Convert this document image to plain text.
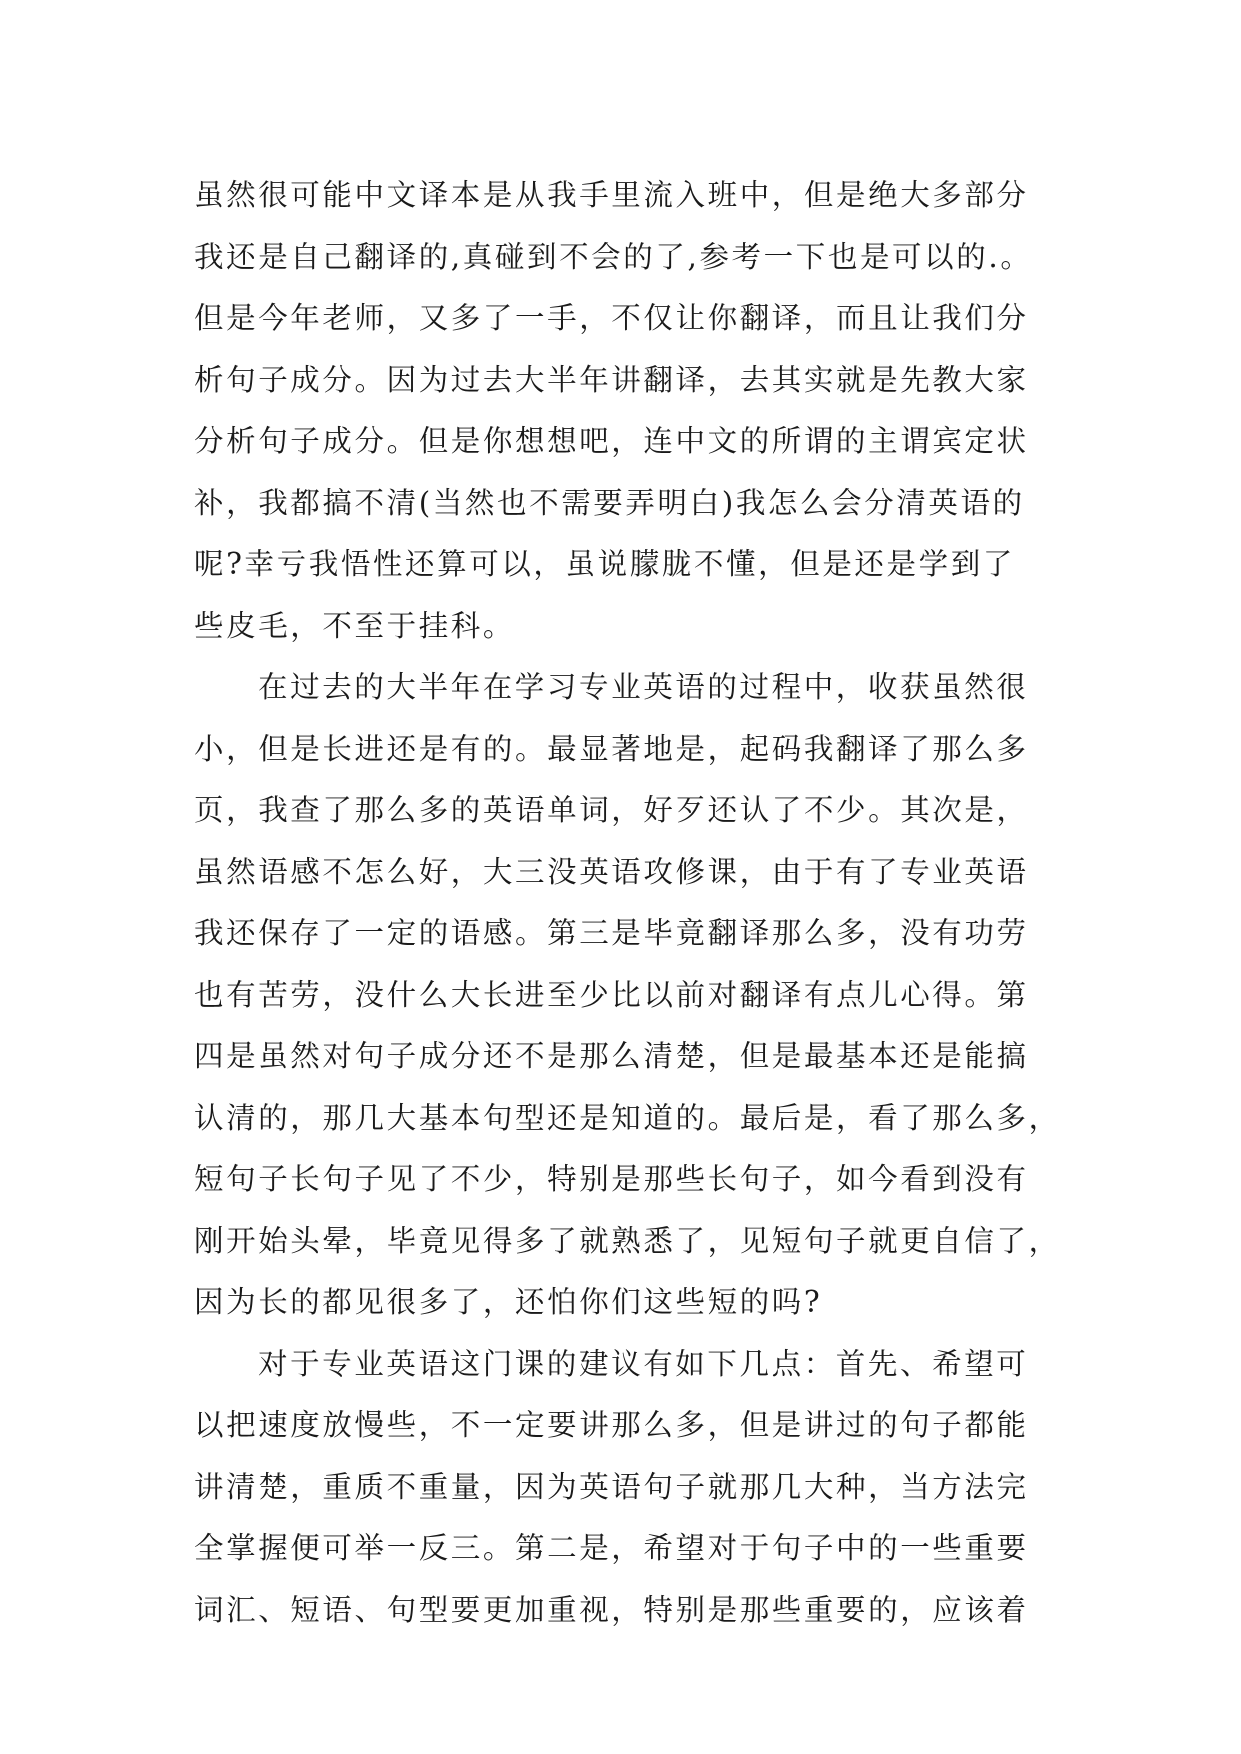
虽然很可能中文译本是从我手里流入班中，但是绝大多部分
我还是自己翻译的,真碰到不会的了,参考一下也是可以的.。
但是今年老师，又多了一手，不仅让你翻译，而且让我们分
析句子成分。因为过去大半年讲翻译，去其实就是先教大家
分析句子成分。但是你想想吧，连中文的所谓的主谓宾定状
补，我都搞不清(当然也不需要弄明白)我怎么会分清英语的
呢?幸亏我悟性还算可以，虽说朦胧不懂，但是还是学到了
些皮毛，不至于挂科。
在过去的大半年在学习专业英语的过程中，收获虽然很
小，但是长进还是有的。最显著地是，起码我翻译了那么多
页，我查了那么多的英语单词，好歹还认了不少。其次是，
虽然语感不怎么好，大三没英语攻修课，由于有了专业英语
我还保存了一定的语感。第三是毕竟翻译那么多，没有功劳
也有苦劳，没什么大长进至少比以前对翻译有点儿心得。第
四是虽然对句子成分还不是那么清楚，但是最基本还是能搞
认清的，那几大基本句型还是知道的。最后是，看了那么多，
短句子长句子见了不少，特别是那些长句子，如今看到没有
刚开始头晕，毕竟见得多了就熟悉了，见短句子就更自信了，
因为长的都见很多了，还怕你们这些短的吗?
对于专业英语这门课的建议有如下几点：首先、希望可
以把速度放慢些，不一定要讲那么多，但是讲过的句子都能
讲清楚，重质不重量，因为英语句子就那几大种，当方法完
全掌握便可举一反三。第二是，希望对于句子中的一些重要
词汇、短语、句型要更加重视，特别是那些重要的，应该着
